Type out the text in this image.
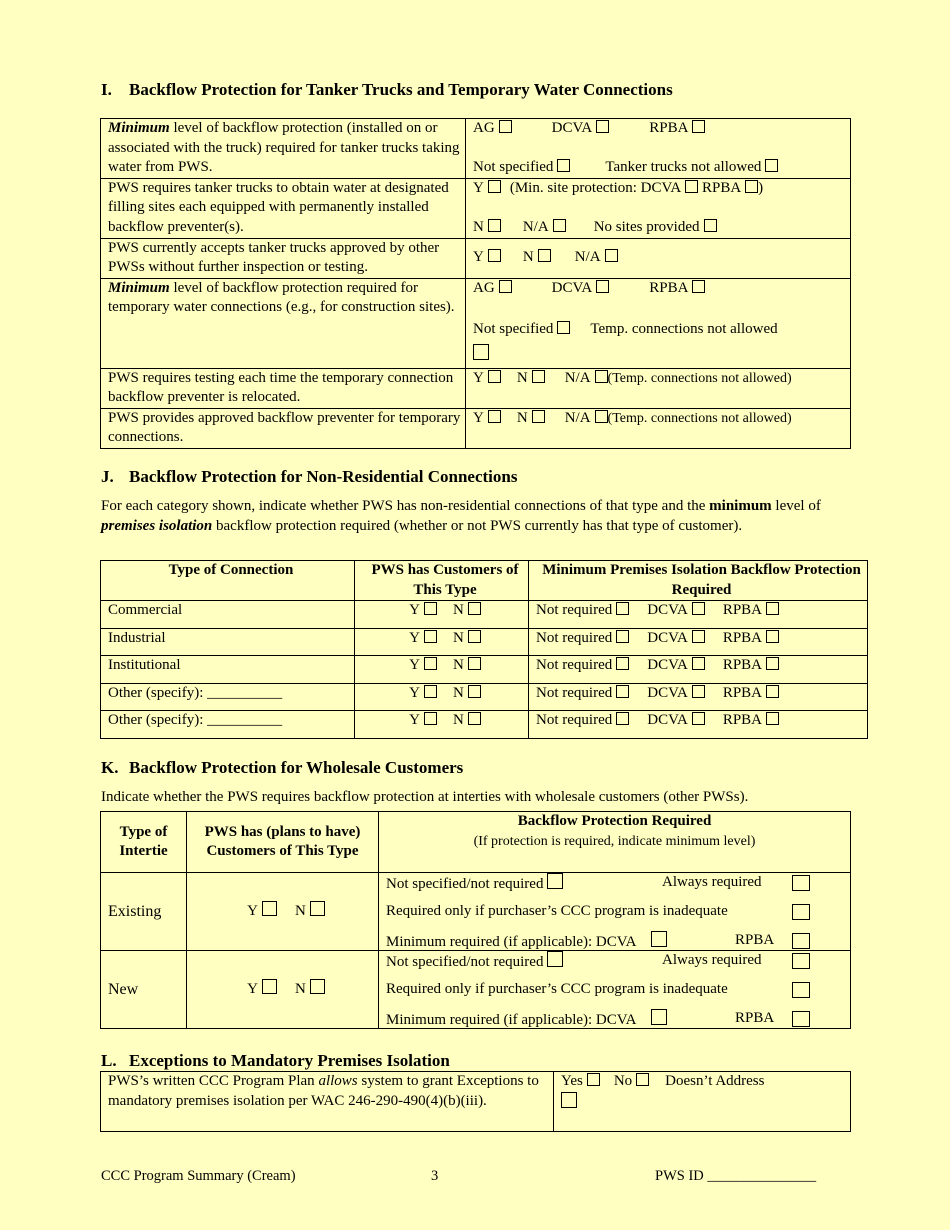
I. Backflow Protection for Tanker Trucks and Temporary Water Connections
Minimum level of backflow protection (installed on or associated with the truck) required for tanker trucks taking water from PWS.	AG DCVA RPBA
Not specified Tanker trucks not allowed

PWS requires tanker trucks to obtain water at designated filling sites each equipped with permanently installed backflow preventer(s).	Y (Min. site protection: DCVA RPBA )
N N/A No sites provided

PWS currently accepts tanker trucks approved by other PWSs without further inspection or testing.	Y N N/A
Minimum level of backflow protection required for temporary water connections (e.g., for construction sites).	AG DCVA RPBA
Not specified Temp. connections not allowed

PWS requires testing each time the temporary connection backflow preventer is relocated.	Y N N/A (Temp. connections not allowed)
PWS provides approved backflow preventer for temporary connections.	Y N N/A (Temp. connections not allowed)
J. Backflow Protection for Non-Residential Connections

For each category shown, indicate whether PWS has non-residential connections of that type and the minimum level of premises isolation backflow protection required (whether or not PWS currently has that type of customer).

Type of Connection	PWS has Customers of This Type	Minimum Premises Isolation Backflow Protection Required
Commercial	Y N	Not required DCVA RPBA
Industrial	Y N	Not required DCVA RPBA
Institutional	Y N	Not required DCVA RPBA
Other (specify): __________	Y N	Not required DCVA RPBA
Other (specify): __________	Y N	Not required DCVA RPBA
K. Backflow Protection for Wholesale Customers

Indicate whether the PWS requires backflow protection at interties with wholesale customers (other PWSs).

Type of Intertie	PWS has (plans to have) Customers of This Type	
Backflow Protection Required
(If protection is required, indicate minimum level)
Existing	Y N	Not specified/not required Always required
Required only if purchaser’s CCC program is inadequate
Minimum required (if applicable): DCVA RPBA

New	Y N	Not specified/not required Always required
Required only if purchaser’s CCC program is inadequate
Minimum required (if applicable): DCVA RPBA
L. Exceptions to Mandatory Premises Isolation
PWS’s written CCC Program Plan allows system to grant Exceptions to mandatory premises isolation per WAC 246-290-490(4)(b)(iii).	Yes No Doesn’t Address

CCC Program Summary (Cream)	3	PWS ID _______________
